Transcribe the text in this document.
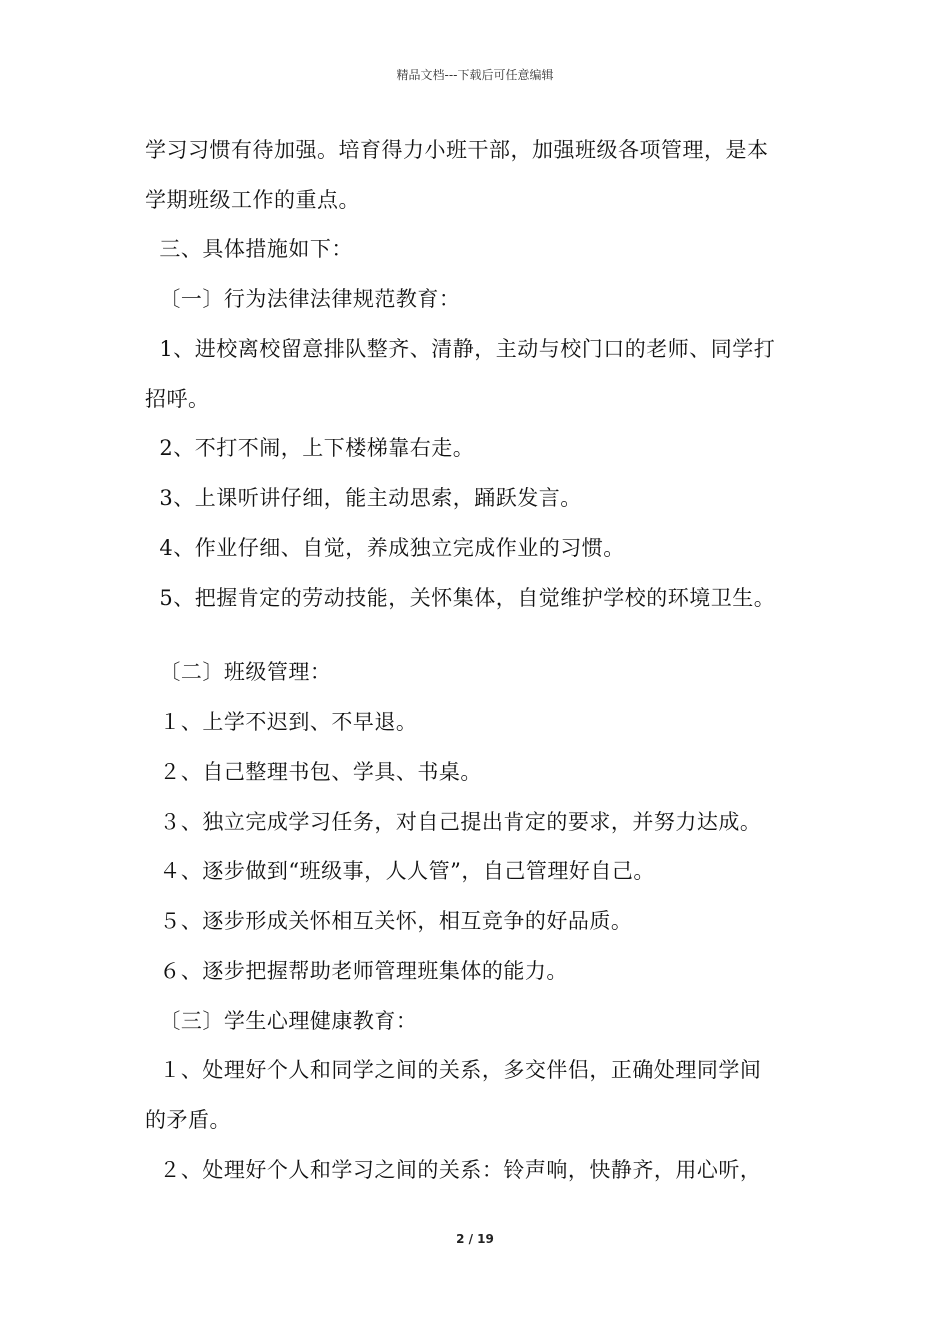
精品文档---下载后可任意编辑
学习习惯有待加强。培育得力小班干部，加强班级各项管理，是本
学期班级工作的重点。
三、具体措施如下：
〔一〕行为法律法律规范教育：
1、进校离校留意排队整齐、清静，主动与校门口的老师、同学打
招呼。
2、不打不闹，上下楼梯靠右走。
3、上课听讲仔细，能主动思索，踊跃发言。
4、作业仔细、自觉，养成独立完成作业的习惯。
5、把握肯定的劳动技能，关怀集体，自觉维护学校的环境卫生。
〔二〕班级管理：
１、上学不迟到、不早退。
２、自己整理书包、学具、书桌。
３、独立完成学习任务，对自己提出肯定的要求，并努力达成。
４、逐步做到“班级事，人人管”，自己管理好自己。
５、逐步形成关怀相互关怀，相互竞争的好品质。
６、逐步把握帮助老师管理班集体的能力。
〔三〕学生心理健康教育：
１、处理好个人和同学之间的关系，多交伴侣，正确处理同学间
的矛盾。
２、处理好个人和学习之间的关系：铃声响，快静齐，用心听，
2 / 19
